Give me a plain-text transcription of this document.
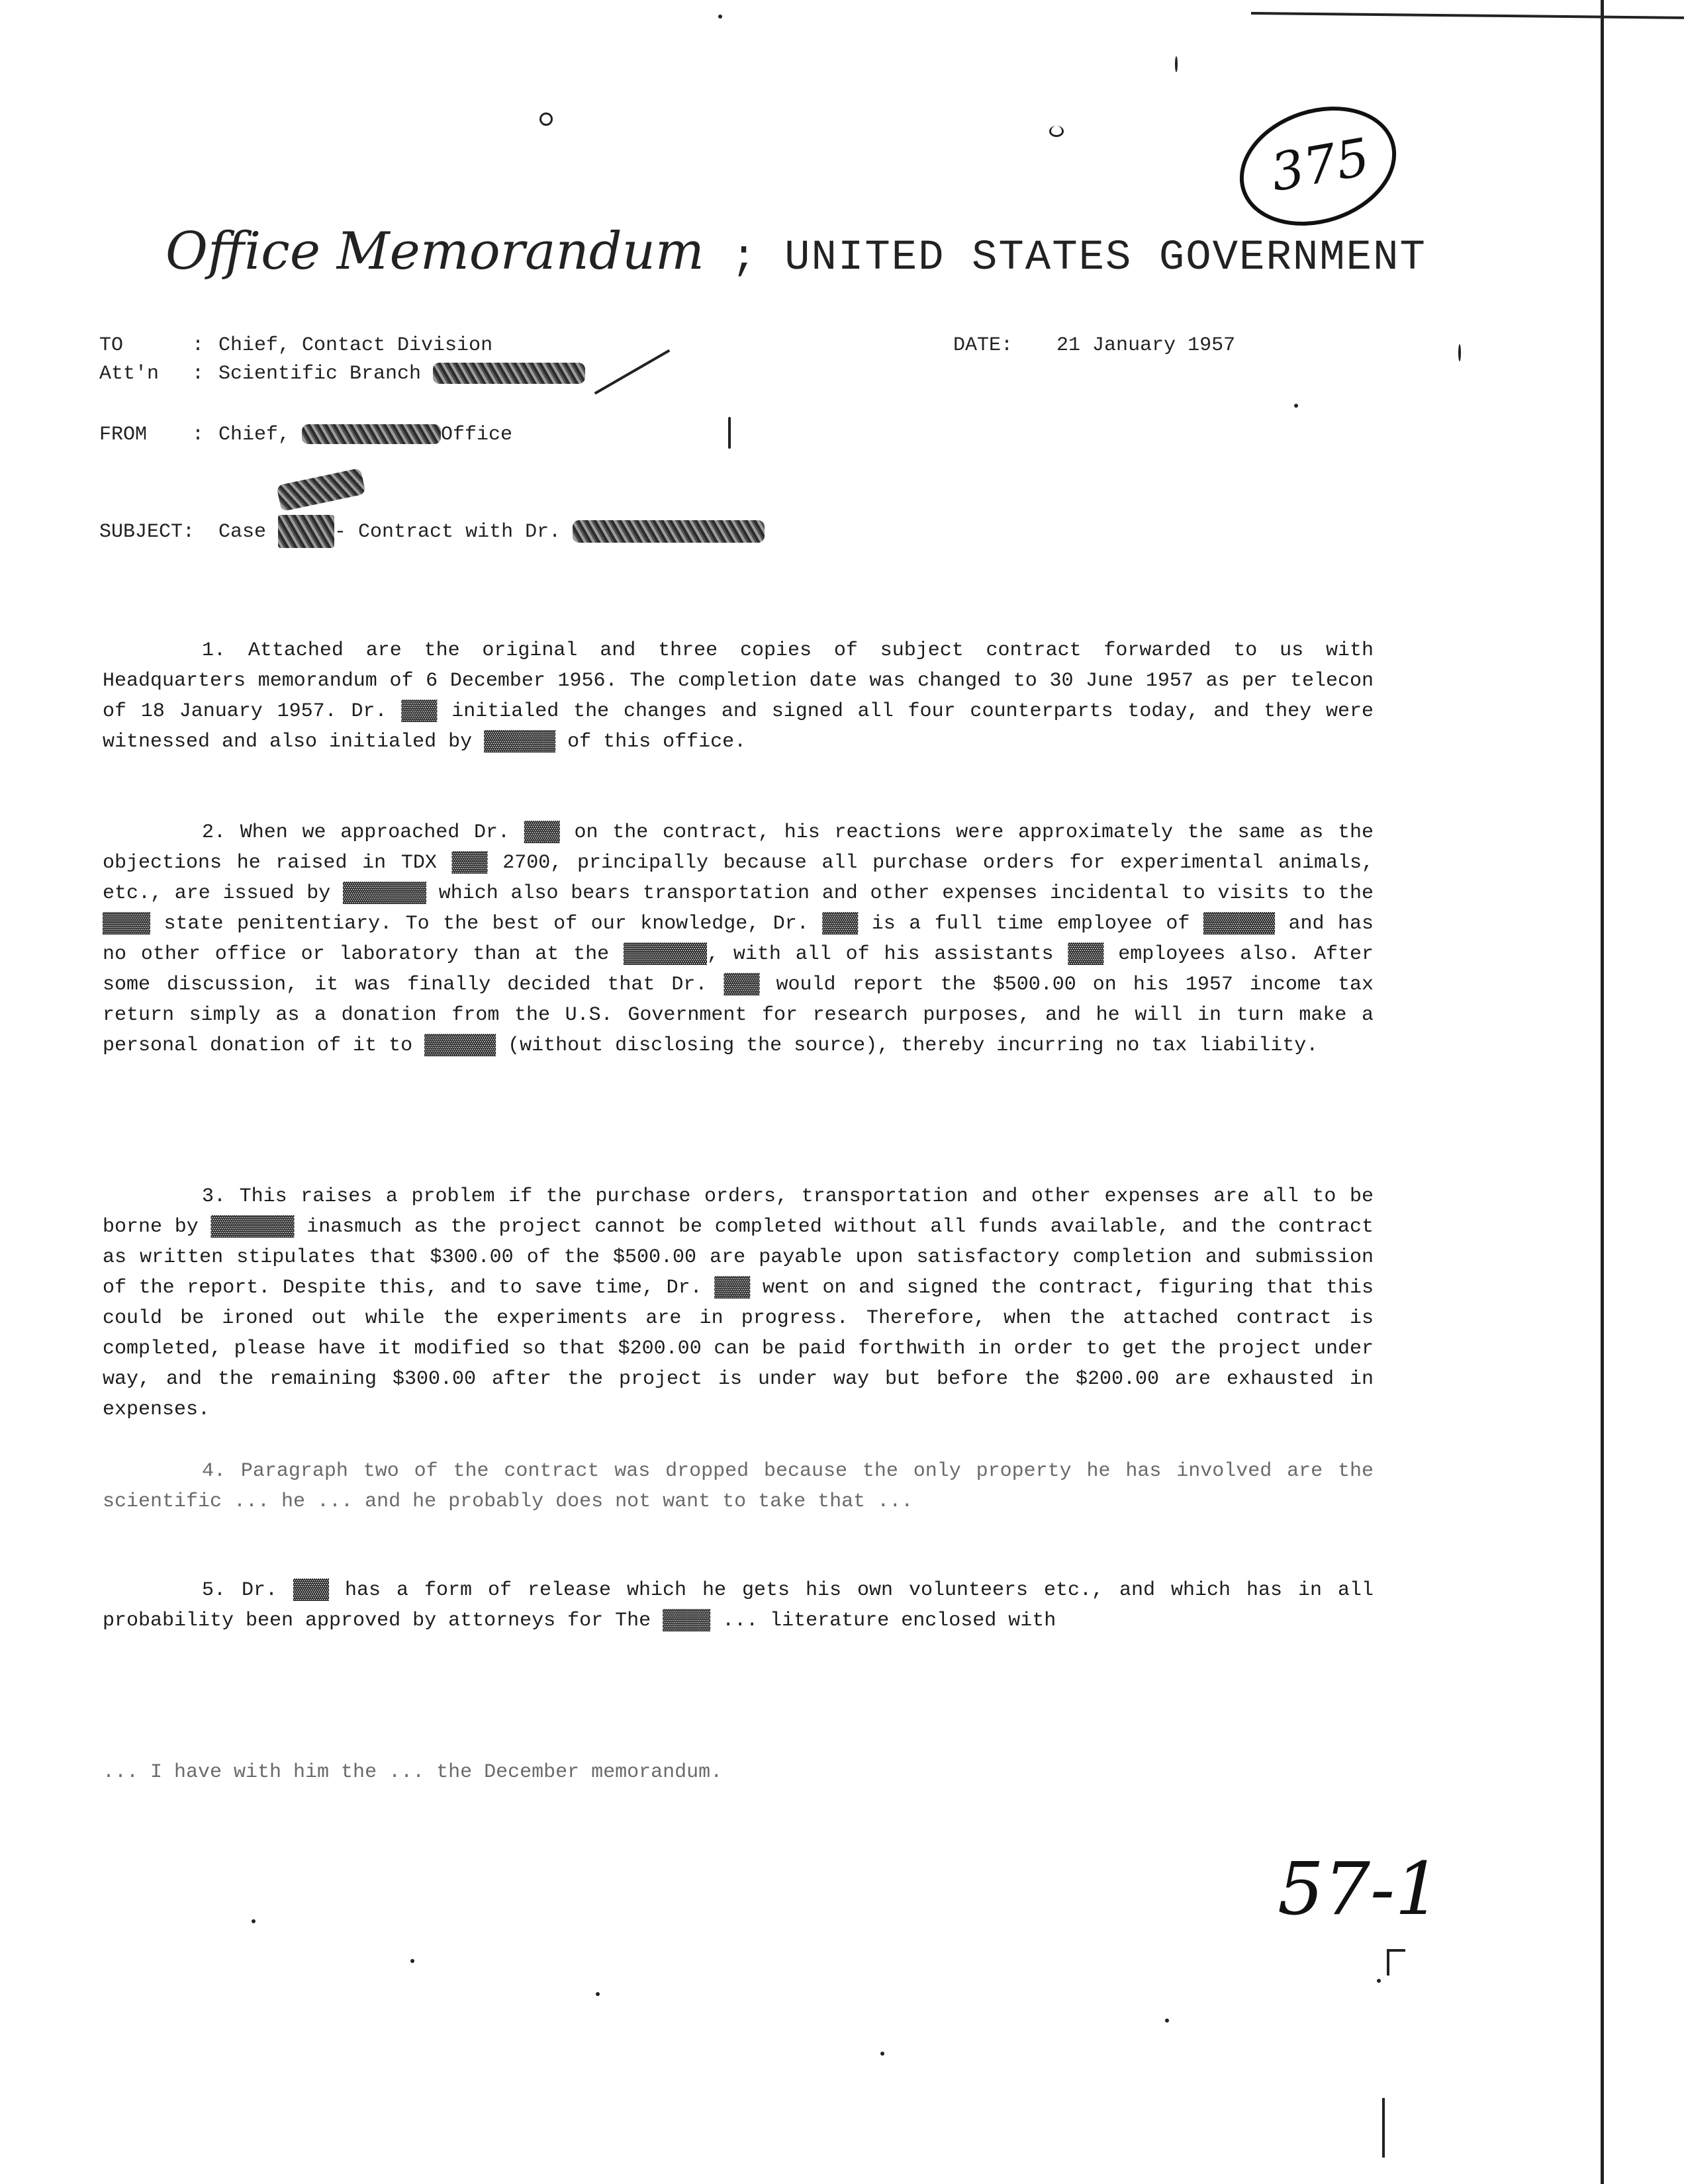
375
Office Memorandum ; UNITED STATES GOVERNMENT
TO	: Chief, Contact Division	DATE: 21 January 1957
Att'n : Scientific Branch
FROM : Chief,	Office
SUBJECT: Case	- Contract with Dr.
1. Attached are the original and three copies of subject contract forwarded to us with Headquarters memorandum of 6 December 1956. The completion date was changed to 30 June 1957 as per telecon of 18 January 1957. Dr. ▓▓▓ initialed the changes and signed all four counterparts today, and they were witnessed and also initialed by ▓▓▓▓▓▓ of this office.
2. When we approached Dr. ▓▓▓ on the contract, his reactions were approximately the same as the objections he raised in TDX ▓▓▓ 2700, principally because all purchase orders for experimental animals, etc., are issued by ▓▓▓▓▓▓▓ which also bears transportation and other expenses incidental to visits to the ▓▓▓▓ state penitentiary. To the best of our knowledge, Dr. ▓▓▓ is a full time employee of ▓▓▓▓▓▓ and has no other office or laboratory than at the ▓▓▓▓▓▓▓, with all of his assistants ▓▓▓ employees also. After some discussion, it was finally decided that Dr. ▓▓▓ would report the $500.00 on his 1957 income tax return simply as a donation from the U.S. Government for research purposes, and he will in turn make a personal donation of it to ▓▓▓▓▓▓ (without disclosing the source), thereby incurring no tax liability.
3. This raises a problem if the purchase orders, transportation and other expenses are all to be borne by ▓▓▓▓▓▓▓ inasmuch as the project cannot be completed without all funds available, and the contract as written stipulates that $300.00 of the $500.00 are payable upon satisfactory completion and submission of the report. Despite this, and to save time, Dr. ▓▓▓ went on and signed the contract, figuring that this could be ironed out while the experiments are in progress. Therefore, when the attached contract is completed, please have it modified so that $200.00 can be paid forthwith in order to get the project under way, and the remaining $300.00 after the project is under way but before the $200.00 are exhausted in expenses.
4. Paragraph two of the contract was dropped because the only property he has involved are the scientific ... he ... and he probably does not want to take that ...
5. Dr. ▓▓▓ has a form of release which he gets his own volunteers etc., and which has in all probability been approved by attorneys for The ▓▓▓▓ ... literature enclosed with
... I have with him the ... the December memorandum.
57-1
